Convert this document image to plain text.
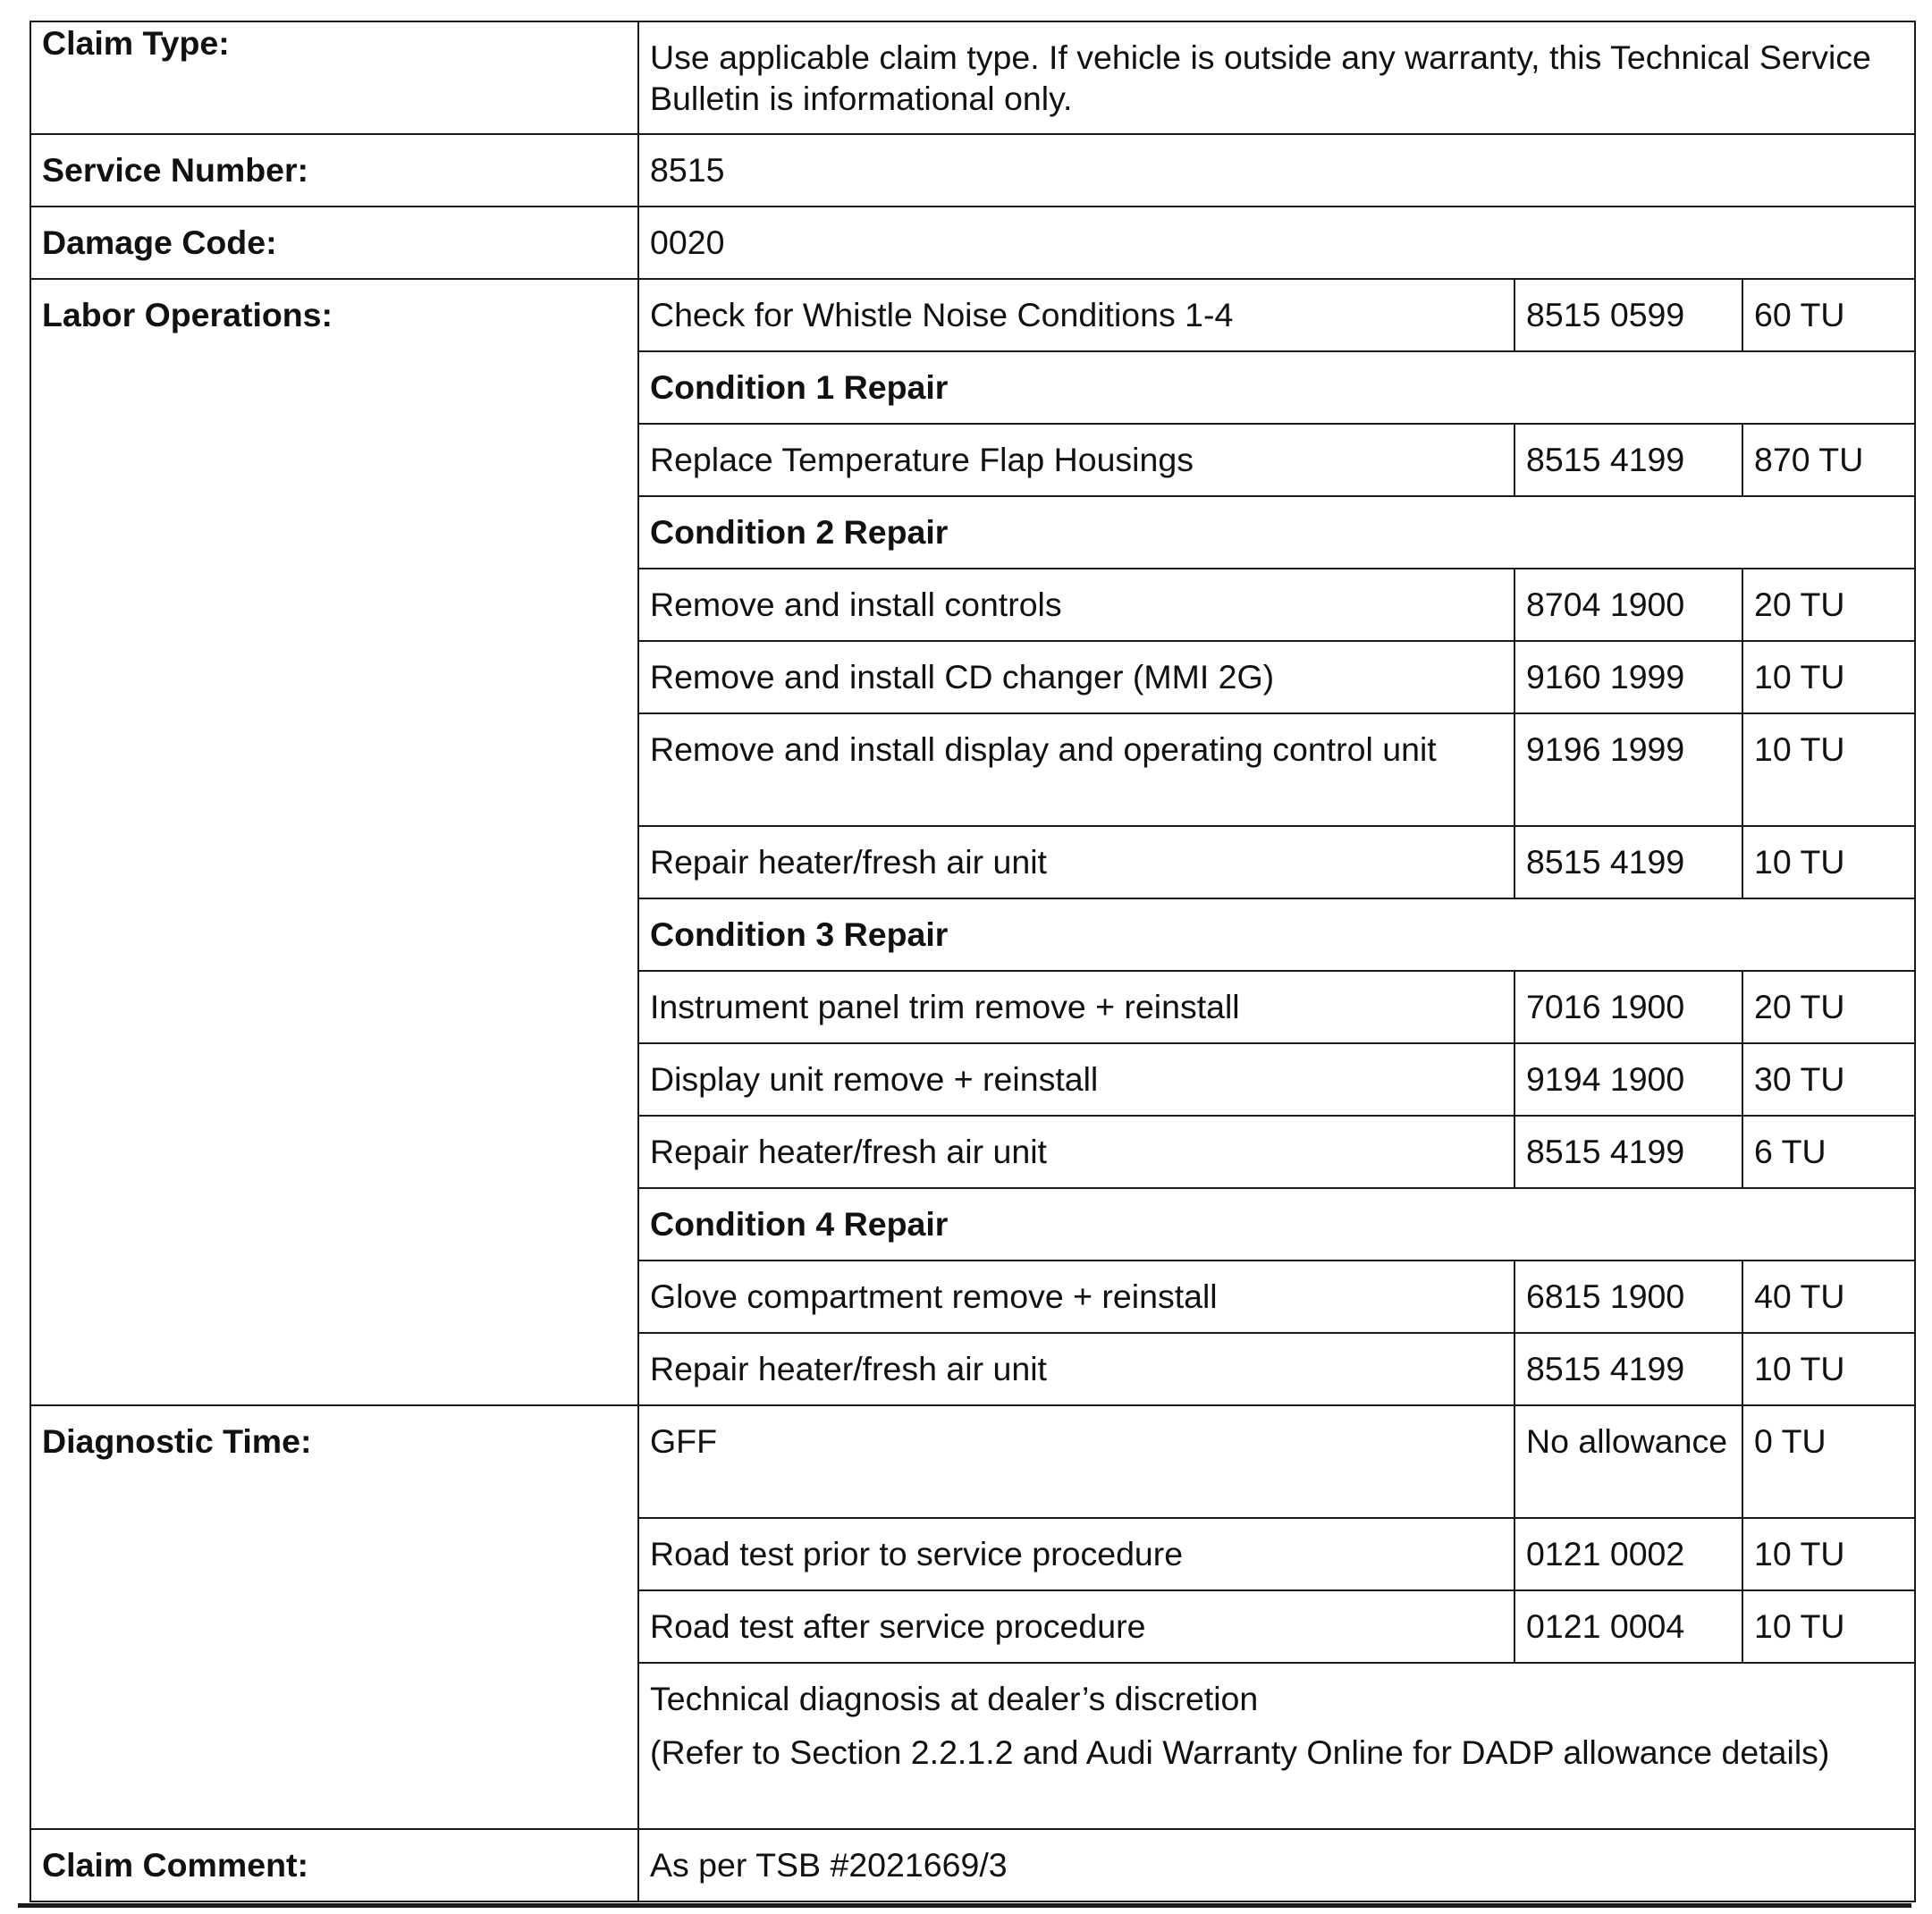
Claim Type:	Use applicable claim type. If vehicle is outside any warranty, this Technical Service Bulletin is informational only.		
Service Number:	8515		
Damage Code:	0020		
Labor Operations:	Check for Whistle Noise Conditions 1-4	8515 0599	60 TU
	Condition 1 Repair		
	Replace Temperature Flap Housings	8515 4199	870 TU
	Condition 2 Repair		
	Remove and install controls	8704 1900	20 TU
	Remove and install CD changer (MMI 2G)	9160 1999	10 TU
	Remove and install display and operating control unit	9196 1999	10 TU
	Repair heater/fresh air unit	8515 4199	10 TU
	Condition 3 Repair		
	Instrument panel trim remove + reinstall	7016 1900	20 TU
	Display unit remove + reinstall	9194 1900	30 TU
	Repair heater/fresh air unit	8515 4199	6 TU
	Condition 4 Repair		
	Glove compartment remove + reinstall	6815 1900	40 TU
	Repair heater/fresh air unit	8515 4199	10 TU
Diagnostic Time:	GFF	No allowance	0 TU
	Road test prior to service procedure	0121 0002	10 TU
	Road test after service procedure	0121 0004	10 TU

	Technical diagnosis at dealer’s discretion

(Refer to Section 2.2.1.2 and Audi Warranty Online for DADP allowance details)		

Claim Comment:	As per TSB #2021669/3		
